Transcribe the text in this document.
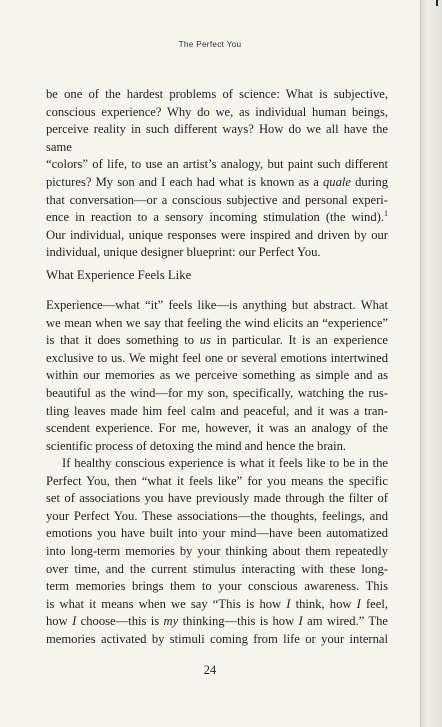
The Perfect You

be one of the hardest problems of science: What is subjective,

conscious experience? Why do we, as individual human beings,

perceive reality in such different ways? How do we all have the same

“colors” of life, to use an artist’s analogy, but paint such different

pictures? My son and I each had what is known as a quale during

that conversation—or a conscious subjective and personal experi-

ence in reaction to a sensory incoming stimulation (the wind).$^1$

Our individual, unique responses were inspired and driven by our

individual, unique designer blueprint: our Perfect You.

What Experience Feels Like

Experience—what “it” feels like—is anything but abstract. What

we mean when we say that feeling the wind elicits an “experience”

is that it does something to us in particular. It is an experience

exclusive to us. We might feel one or several emotions intertwined

within our memories as we perceive something as simple and as

beautiful as the wind—for my son, specifically, watching the rus-

tling leaves made him feel calm and peaceful, and it was a tran-

scendent experience. For me, however, it was an analogy of the

scientific process of detoxing the mind and hence the brain.

If healthy conscious experience is what it feels like to be in the

Perfect You, then “what it feels like” for you means the specific

set of associations you have previously made through the filter of

your Perfect You. These associations—the thoughts, feelings, and

emotions you have built into your mind—have been automatized

into long-term memories by your thinking about them repeatedly

over time, and the current stimulus interacting with these long-

term memories brings them to your conscious awareness. This

is what it means when we say “This is how I think, how I feel,

how I choose—this is my thinking—this is how I am wired.” The

memories activated by stimuli coming from life or your internal

24
